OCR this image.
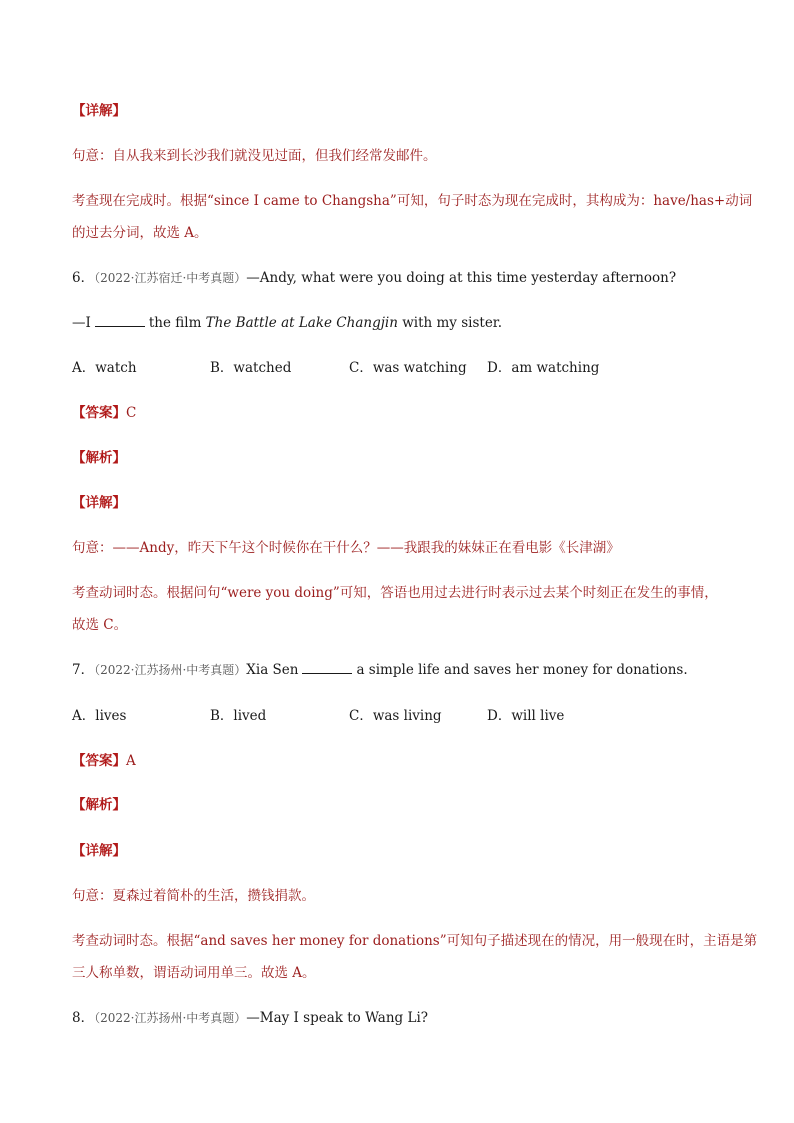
【详解】
句意：自从我来到长沙我们就没见过面，但我们经常发邮件。
考查现在完成时。根据“since I came to Changsha”可知，句子时态为现在完成时，其构成为：have/has+动词
的过去分词，故选 A。
6．（2022·江苏宿迁·中考真题）—Andy, what were you doing at this time yesterday afternoon?
—I	the film The Battle at Lake Changjin with my sister.
A．watch	B．watched	C．was watching D．am watching
【答案】C
【解析】
【详解】
句意：——Andy，昨天下午这个时候你在干什么？——我跟我的妹妹正在看电影《长津湖》
考查动词时态。根据问句“were you doing”可知，答语也用过去进行时表示过去某个时刻正在发生的事情，
故选 C。
7．（2022·江苏扬州·中考真题）Xia Sen	a simple life and saves her money for donations.
A．lives	B．lived	C．was living	D．will live
【答案】A
【解析】
【详解】
句意：夏森过着简朴的生活，攒钱捐款。
考查动词时态。根据“and saves her money for donations”可知句子描述现在的情况，用一般现在时，主语是第
三人称单数，谓语动词用单三。故选 A。
8．（2022·江苏扬州·中考真题）—May I speak to Wang Li?
